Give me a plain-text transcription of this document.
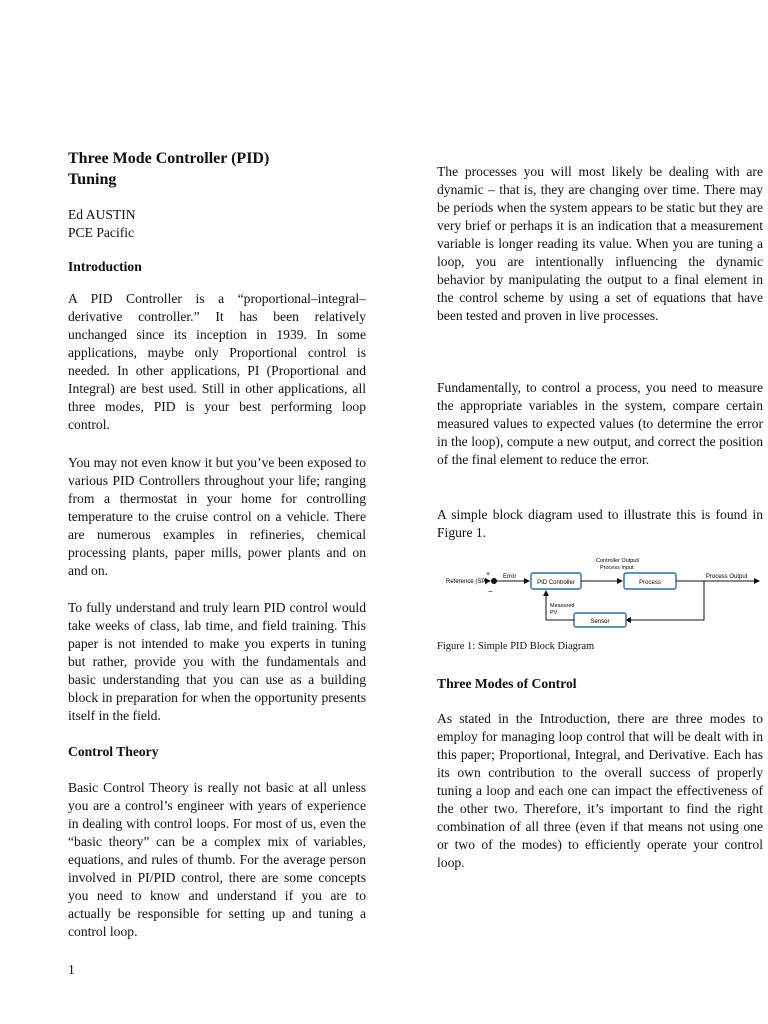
Three Mode Controller (PID)
Tuning
Ed AUSTIN
PCE Pacific
Introduction

A PID Controller is a “proportional–integral–derivative controller.” It has been relatively unchanged since its inception in 1939. In some applications, maybe only Proportional control is needed. In other applications, PI (Proportional and Integral) are best used. Still in other applications, all three modes, PID is your best performing loop control.

You may not even know it but you’ve been exposed to various PID Controllers throughout your life; ranging from a thermostat in your home for controlling temperature to the cruise control on a vehicle. There are numerous examples in refineries, chemical processing plants, paper mills, power plants and on and on.

To fully understand and truly learn PID control would take weeks of class, lab time, and field training. This paper is not intended to make you experts in tuning but rather, provide you with the fundamentals and basic understanding that you can use as a building block in preparation for when the opportunity presents itself in the field.

Control Theory

Basic Control Theory is really not basic at all unless you are a control’s engineer with years of experience in dealing with control loops. For most of us, even the “basic theory” can be a complex mix of variables, equations, and rules of thumb. For the average person involved in PI/PID control, there are some concepts you need to know and understand if you are to actually be responsible for setting up and tuning a control loop.

The processes you will most likely be dealing with are dynamic – that is, they are changing over time. There may be periods when the system appears to be static but they are very brief or perhaps it is an indication that a measurement variable is longer reading its value. When you are tuning a loop, you are intentionally influencing the dynamic behavior by manipulating the output to a final element in the control scheme by using a set of equations that have been tested and proven in live processes.

Fundamentally, to control a process, you need to measure the appropriate variables in the system, compare certain measured values to expected values (to determine the error in the loop), compute a new output, and correct the position of the final element to reduce the error.

A simple block diagram used to illustrate this is found in Figure 1.

Reference (SP)
+
−
Error
PID Controller
Controller Output/
Process Input
Process
Process Output
Sensor
Measured
PV

Figure 1: Simple PID Block Diagram

Three Modes of Control

As stated in the Introduction, there are three modes to employ for managing loop control that will be dealt with in this paper; Proportional, Integral, and Derivative. Each has its own contribution to the overall success of properly tuning a loop and each one can impact the effectiveness of the other two. Therefore, it’s important to find the right combination of all three (even if that means not using one or two of the modes) to efficiently operate your control loop.

1
